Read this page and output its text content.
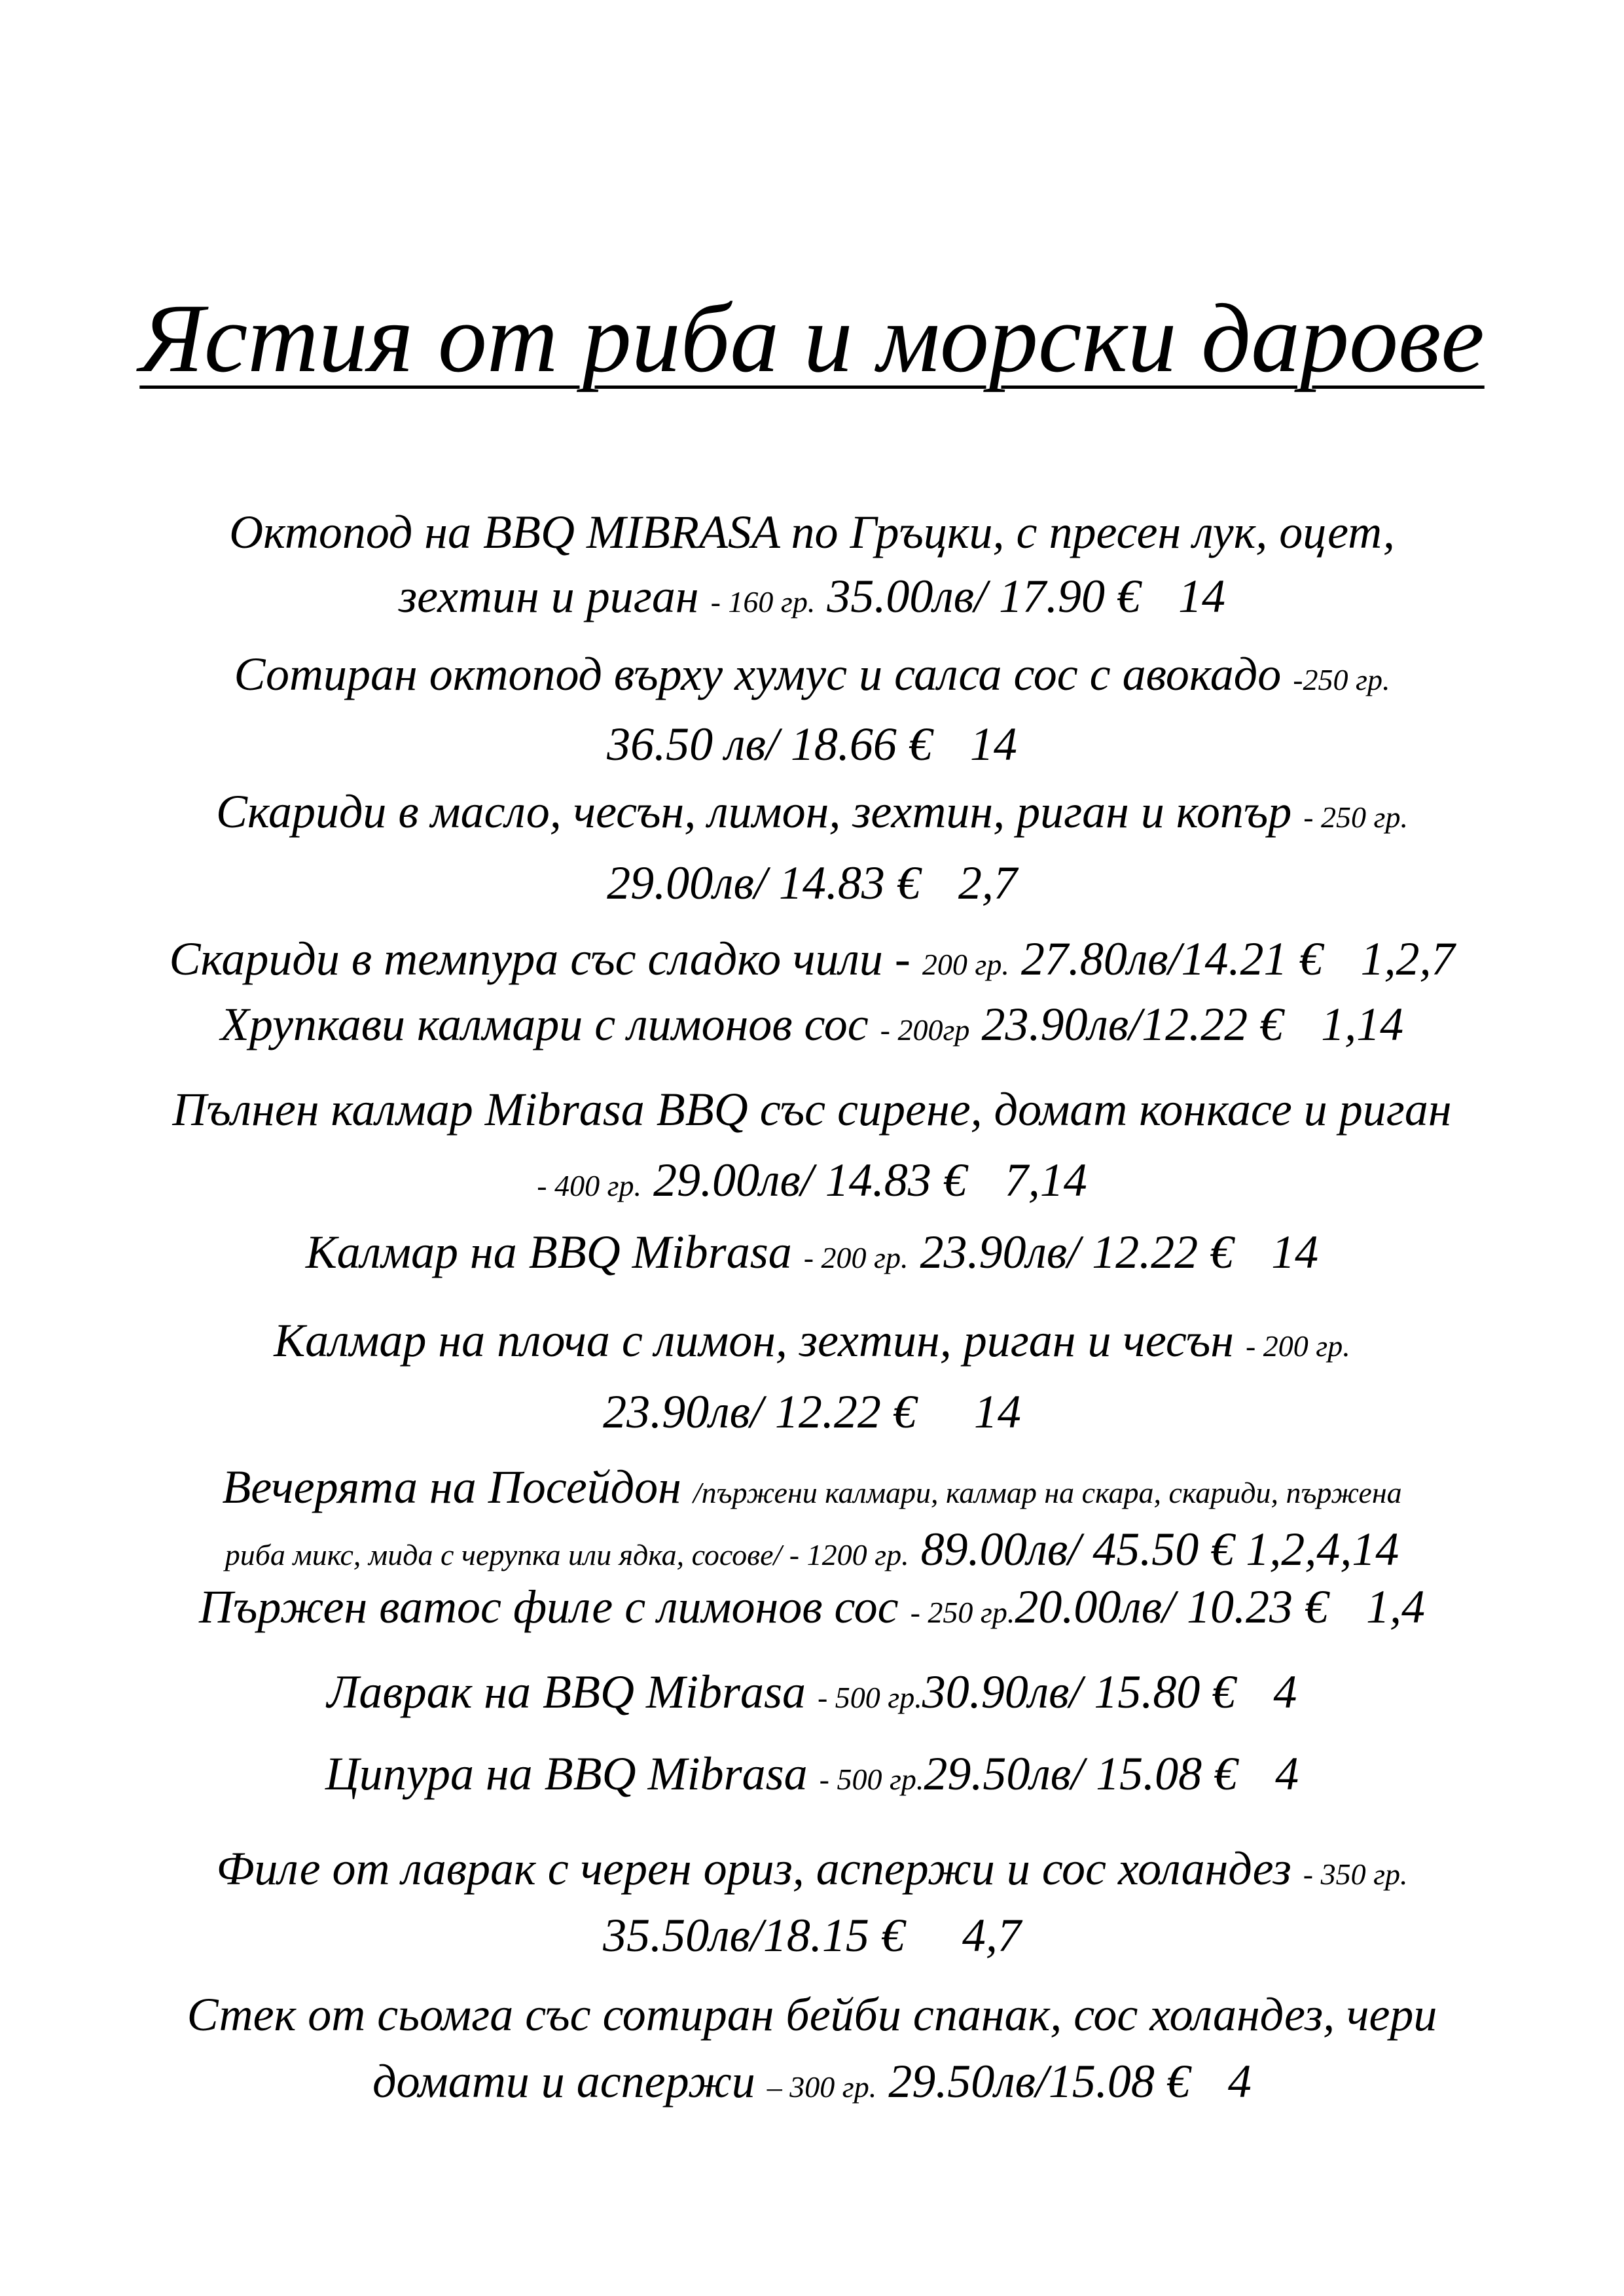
Ястия от риба и морски дарове
Октопод на BBQ MIBRASA по Гръцки, с пресен лук, оцет,
зехтин и риган - 160 гр. 35.00лв/ 17.90 € 14
Сотиран октопод върху хумус и салса сос с авокадо -250 гр.
36.50 лв/ 18.66 € 14
Скариди в масло, чесън, лимон, зехтин, риган и копър - 250 гр.
29.00лв/ 14.83 € 2,7
Скариди в темпура със сладко чили - 200 гр. 27.80лв/14.21 € 1,2,7
Хрупкави калмари с лимонов сос - 200гр 23.90лв/12.22 € 1,14
Пълнен калмар Mibrasa BBQ със сирене, домат конкасе и риган
- 400 гр. 29.00лв/ 14.83 € 7,14
Калмар на BBQ Mibrasa - 200 гр. 23.90лв/ 12.22 € 14
Калмар на плоча с лимон, зехтин, риган и чесън - 200 гр.
23.90лв/ 12.22 € 14
Вечерята на Посейдон /пържени калмари, калмар на скара, скариди, пържена
риба микс, мида с черупка или ядка, сосове/ - 1200 гр. 89.00лв/ 45.50 € 1,2,4,14
Пържен ватос филе с лимонов сос - 250 гр.20.00лв/ 10.23 € 1,4
Лаврак на BBQ Mibrasa - 500 гр.30.90лв/ 15.80 € 4
Ципура на BBQ Mibrasa - 500 гр.29.50лв/ 15.08 € 4
Филе от лаврак с черен ориз, аспержи и сос холандез - 350 гр.
35.50лв/18.15 € 4,7
Стек от сьомга със сотиран бейби спанак, сос холандез, чери
домати и аспержи – 300 гр. 29.50лв/15.08 € 4
